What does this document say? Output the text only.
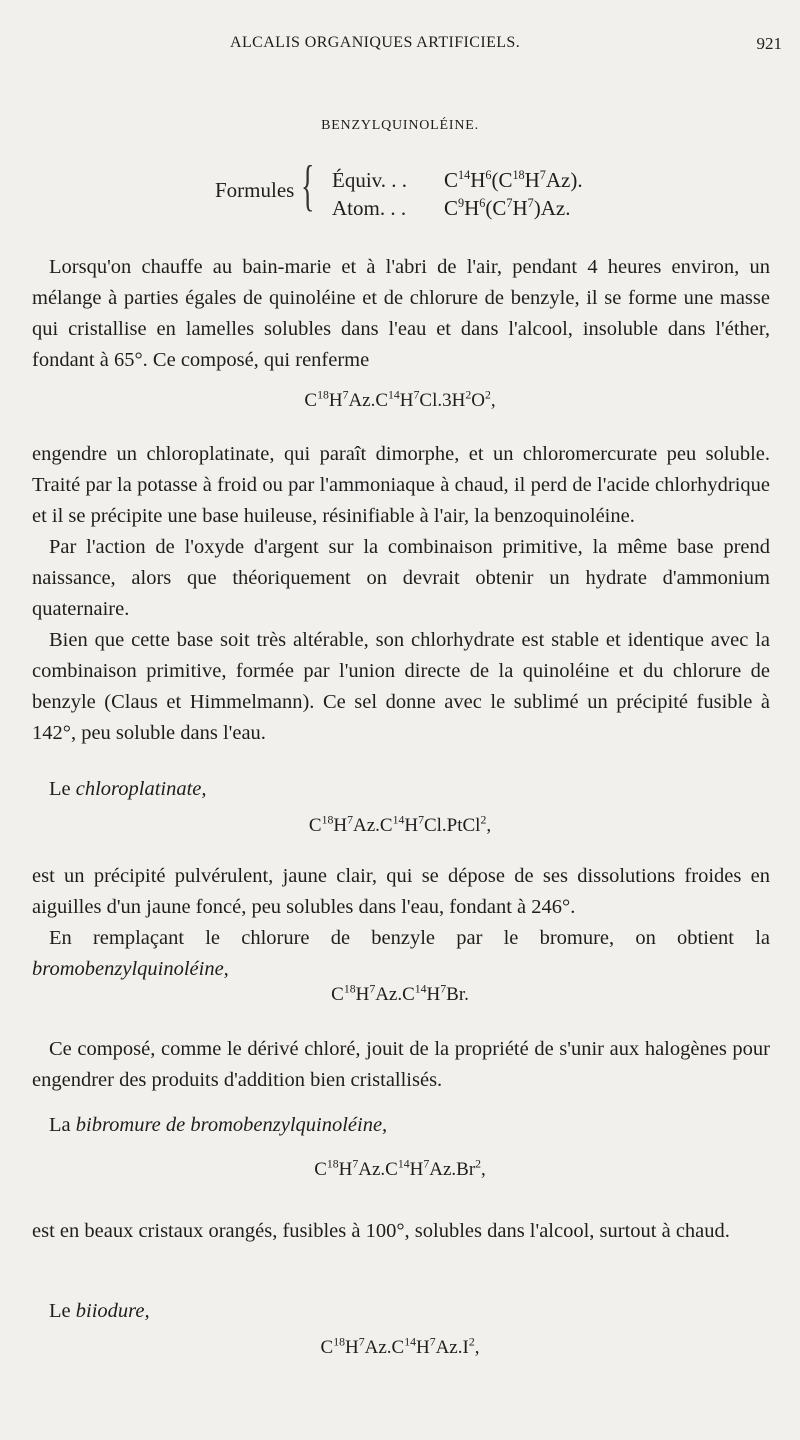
ALCALIS ORGANIQUES ARTIFICIELS.	921
BENZYLQUINOLÉINE.
Formules { Équiv. . . $C^{14}H^6(C^{18}H^7Az)$.
Atom. . . $C^9H^6(C^7H^7)Az$.

Lorsqu'on chauffe au bain-marie et à l'abri de l'air, pendant 4 heures environ, un mélange à parties égales de quinoléine et de chlorure de benzyle, il se forme une masse qui cristallise en lamelles solubles dans l'eau et dans l'alcool, insoluble dans l'éther, fondant à 65°. Ce composé, qui renferme

$C^{18}H^7Az.C^{14}H^7Cl.3H^2O^2$,

engendre un chloroplatinate, qui paraît dimorphe, et un chloromercurate peu soluble. Traité par la potasse à froid ou par l'ammoniaque à chaud, il perd de l'acide chlorhydrique et il se précipite une base huileuse, résinifiable à l'air, la benzoquinoléine.

Par l'action de l'oxyde d'argent sur la combinaison primitive, la même base prend naissance, alors que théoriquement on devrait obtenir un hydrate d'ammonium quaternaire.

Bien que cette base soit très altérable, son chlorhydrate est stable et identique avec la combinaison primitive, formée par l'union directe de la quinoléine et du chlorure de benzyle (Claus et Himmelmann). Ce sel donne avec le sublimé un précipité fusible à 142°, peu soluble dans l'eau.

Le chloroplatinate,
$C^{18}H^7Az.C^{14}H^7Cl.PtCl^2$,

est un précipité pulvérulent, jaune clair, qui se dépose de ses dissolutions froides en aiguilles d'un jaune foncé, peu solubles dans l'eau, fondant à 246°.

En remplaçant le chlorure de benzyle par le bromure, on obtient la bromobenzylquinoléine,

$C^{18}H^7Az.C^{14}H^7Br$.

Ce composé, comme le dérivé chloré, jouit de la propriété de s'unir aux halogènes pour engendrer des produits d'addition bien cristallisés.

La bibromure de bromobenzylquinoléine,
$C^{18}H^7Az.C^{14}H^7Az.Br^2$,

est en beaux cristaux orangés, fusibles à 100°, solubles dans l'alcool, surtout à chaud.

Le biiodure,
$C^{18}H^7Az.C^{14}H^7Az.I^2$,
